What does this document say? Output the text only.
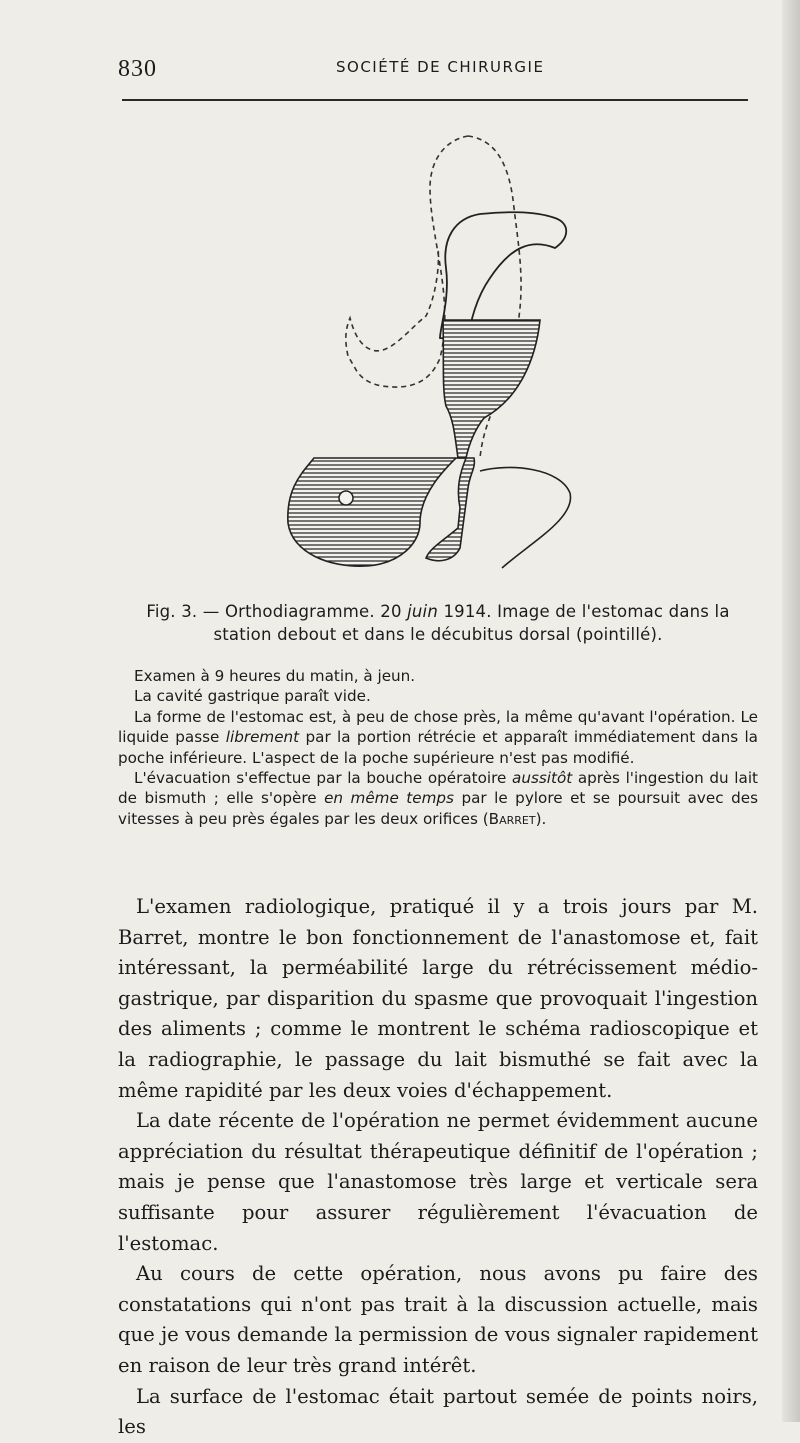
830	SOCIÉTÉ DE CHIRURGIE
Fig. 3. — Orthodiagramme. 20 juin 1914. Image de l'estomac dans la station debout et dans le décubitus dorsal (pointillé).

Examen à 9 heures du matin, à jeun.

La cavité gastrique paraît vide.

La forme de l'estomac est, à peu de chose près, la même qu'avant l'opération. Le liquide passe librement par la portion rétrécie et apparaît immédiatement dans la poche inférieure. L'aspect de la poche supérieure n'est pas modifié.

L'évacuation s'effectue par la bouche opératoire aussitôt après l'ingestion du lait de bismuth ; elle s'opère en même temps par le pylore et se poursuit avec des vitesses à peu près égales par les deux orifices (Barret).

L'examen radiologique, pratiqué il y a trois jours par M. Barret, montre le bon fonctionnement de l'anastomose et, fait intéressant, la perméabilité large du rétrécissement médio-gastrique, par disparition du spasme que provoquait l'ingestion des aliments ; comme le montrent le schéma radioscopique et la radiographie, le passage du lait bismuthé se fait avec la même rapidité par les deux voies d'échappement.

La date récente de l'opération ne permet évidemment aucune appréciation du résultat thérapeutique définitif de l'opération ; mais je pense que l'anastomose très large et verticale sera suffisante pour assurer régulièrement l'évacuation de l'estomac.

Au cours de cette opération, nous avons pu faire des constatations qui n'ont pas trait à la discussion actuelle, mais que je vous demande la permission de vous signaler rapidement en raison de leur très grand intérêt.

La surface de l'estomac était partout semée de points noirs, les
